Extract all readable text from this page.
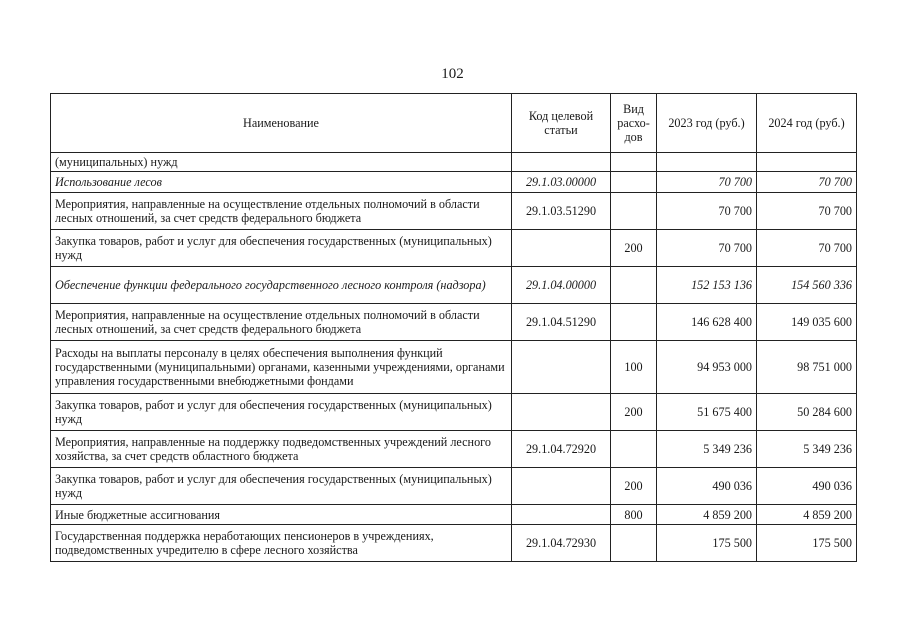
102
Наименование	Код целевой статьи	Вид расхо-дов	2023 год (руб.)	2024 год (руб.)
(муниципальных) нужд				
Использование лесов	29.1.03.00000		70 700	70 700
Мероприятия, направленные на осуществление отдельных полномочий в области лесных отношений, за счет средств федерального бюджета	29.1.03.51290		70 700	70 700
Закупка товаров, работ и услуг для обеспечения государственных (муниципальных) нужд		200	70 700	70 700
Обеспечение функции федерального государственного лесного контроля (надзора)	29.1.04.00000		152 153 136	154 560 336
Мероприятия, направленные на осуществление отдельных полномочий в области лесных отношений, за счет средств федерального бюджета	29.1.04.51290		146 628 400	149 035 600
Расходы на выплаты персоналу в целях обеспечения выполнения функций государственными (муниципальными) органами, казенными учреждениями, органами управления государственными внебюджетными фондами		100	94 953 000	98 751 000
Закупка товаров, работ и услуг для обеспечения государственных (муниципальных) нужд		200	51 675 400	50 284 600
Мероприятия, направленные на поддержку подведомственных учреждений лесного хозяйства, за счет средств областного бюджета	29.1.04.72920		5 349 236	5 349 236
Закупка товаров, работ и услуг для обеспечения государственных (муниципальных) нужд		200	490 036	490 036
Иные бюджетные ассигнования		800	4 859 200	4 859 200
Государственная поддержка неработающих пенсионеров в учреждениях, подведомственных учредителю в сфере лесного хозяйства	29.1.04.72930		175 500	175 500
